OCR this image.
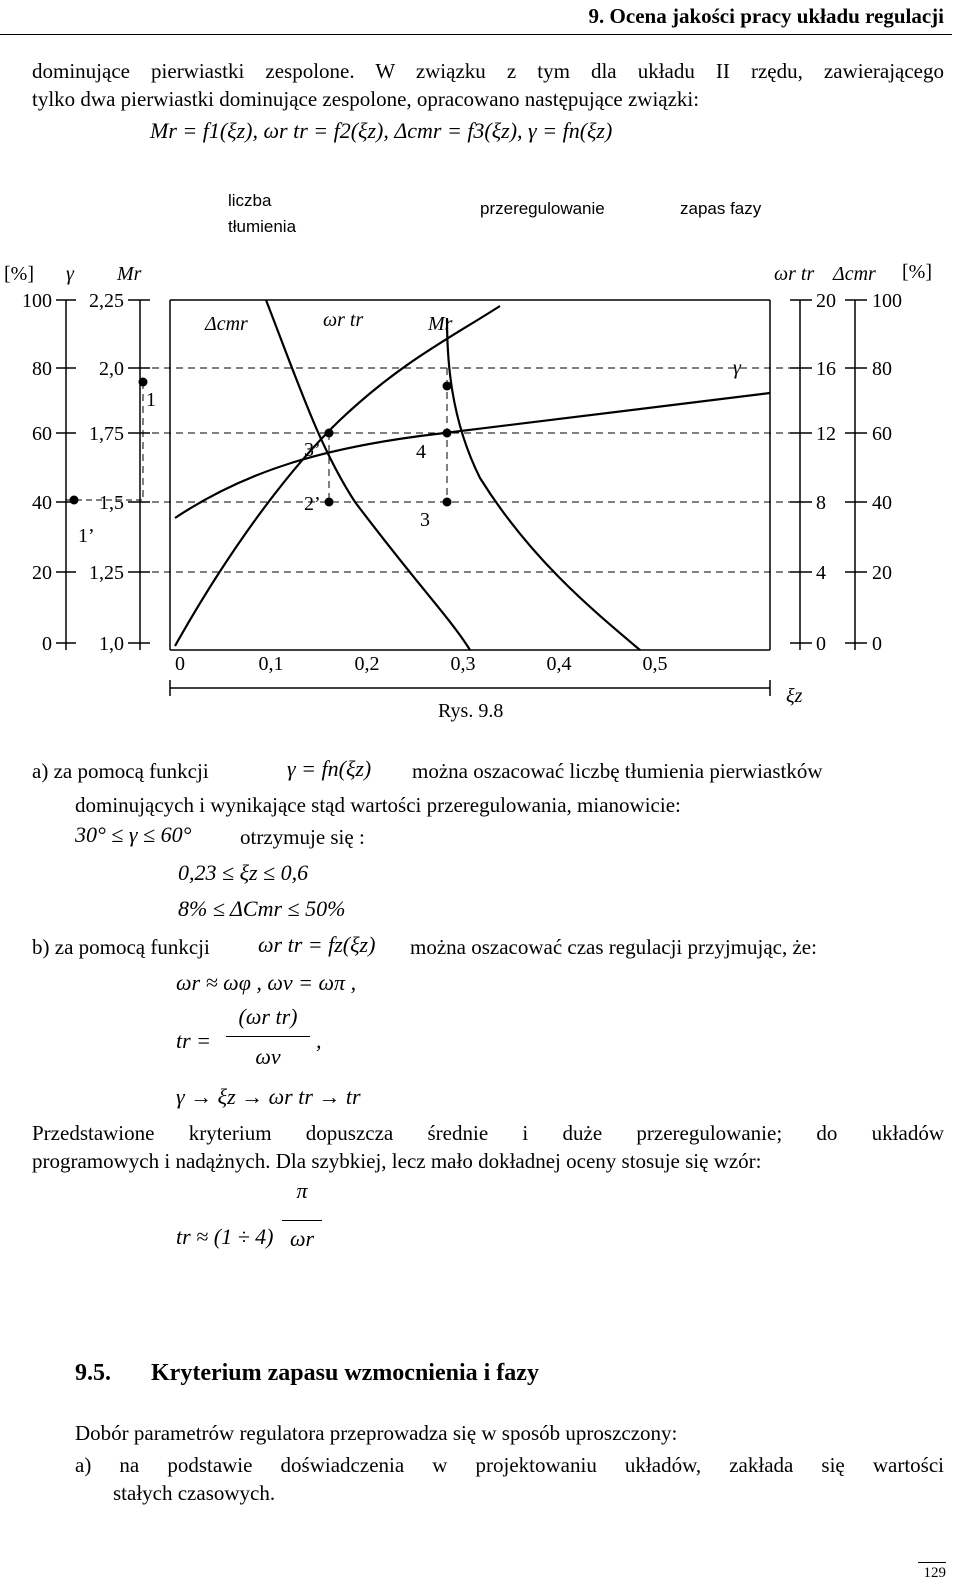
9. Ocena jakości pracy układu regulacji
dominujące pierwiastki zespolone. W związku z tym dla układu II rzędu, zawierającego
tylko dwa pierwiastki dominujące zespolone, opracowano następujące związki:
Mr = f1(ξz), ωr tr = f2(ξz), Δcmr = f3(ξz), γ = fn(ξz)
liczba
tłumienia
przeregulowanie	zapas fazy
[%] γ Mr	ωr tr Δcmr [%]
100
80
60
40
20
0
2,25
2,0
1,75
1,5
1,25
1,0
20
16
12
8
4
0
100
80
60
40
20
0
Δcmr	ωr tr	Mr
γ
1
1’
2’
3
3’	4
0	0,1	0,2	0,3	0,4	0,5
ξz
Rys. 9.8
a) za pomocą funkcji	γ = fn(ξz) można oszacować liczbę tłumienia pierwiastków
dominujących i wynikające stąd wartości przeregulowania, mianowicie:
30° ≤ γ ≤ 60° otrzymuje się :
0,23 ≤ ξz ≤ 0,6
8% ≤ ΔCmr ≤ 50%
b) za pomocą funkcji ωr tr = fz(ξz) można oszacować czas regulacji przyjmując, że:
ωr ≈ ωφ , ωv = ωπ ,
tr =
(ωr tr)
ωv
,
γ → ξz → ωr tr → tr
Przedstawione kryterium dopuszcza średnie i duże przeregulowanie; do układów
programowych i nadążnych. Dla szybkiej, lecz mało dokładnej oceny stosuje się wzór:
tr ≈ (1 ÷ 4)
π
ωr
9.5. Kryterium zapasu wzmocnienia i fazy
Dobór parametrów regulatora przeprowadza się w sposób uproszczony:
a) na podstawie doświadczenia w projektowaniu układów, zakłada się wartości
stałych czasowych.
129
